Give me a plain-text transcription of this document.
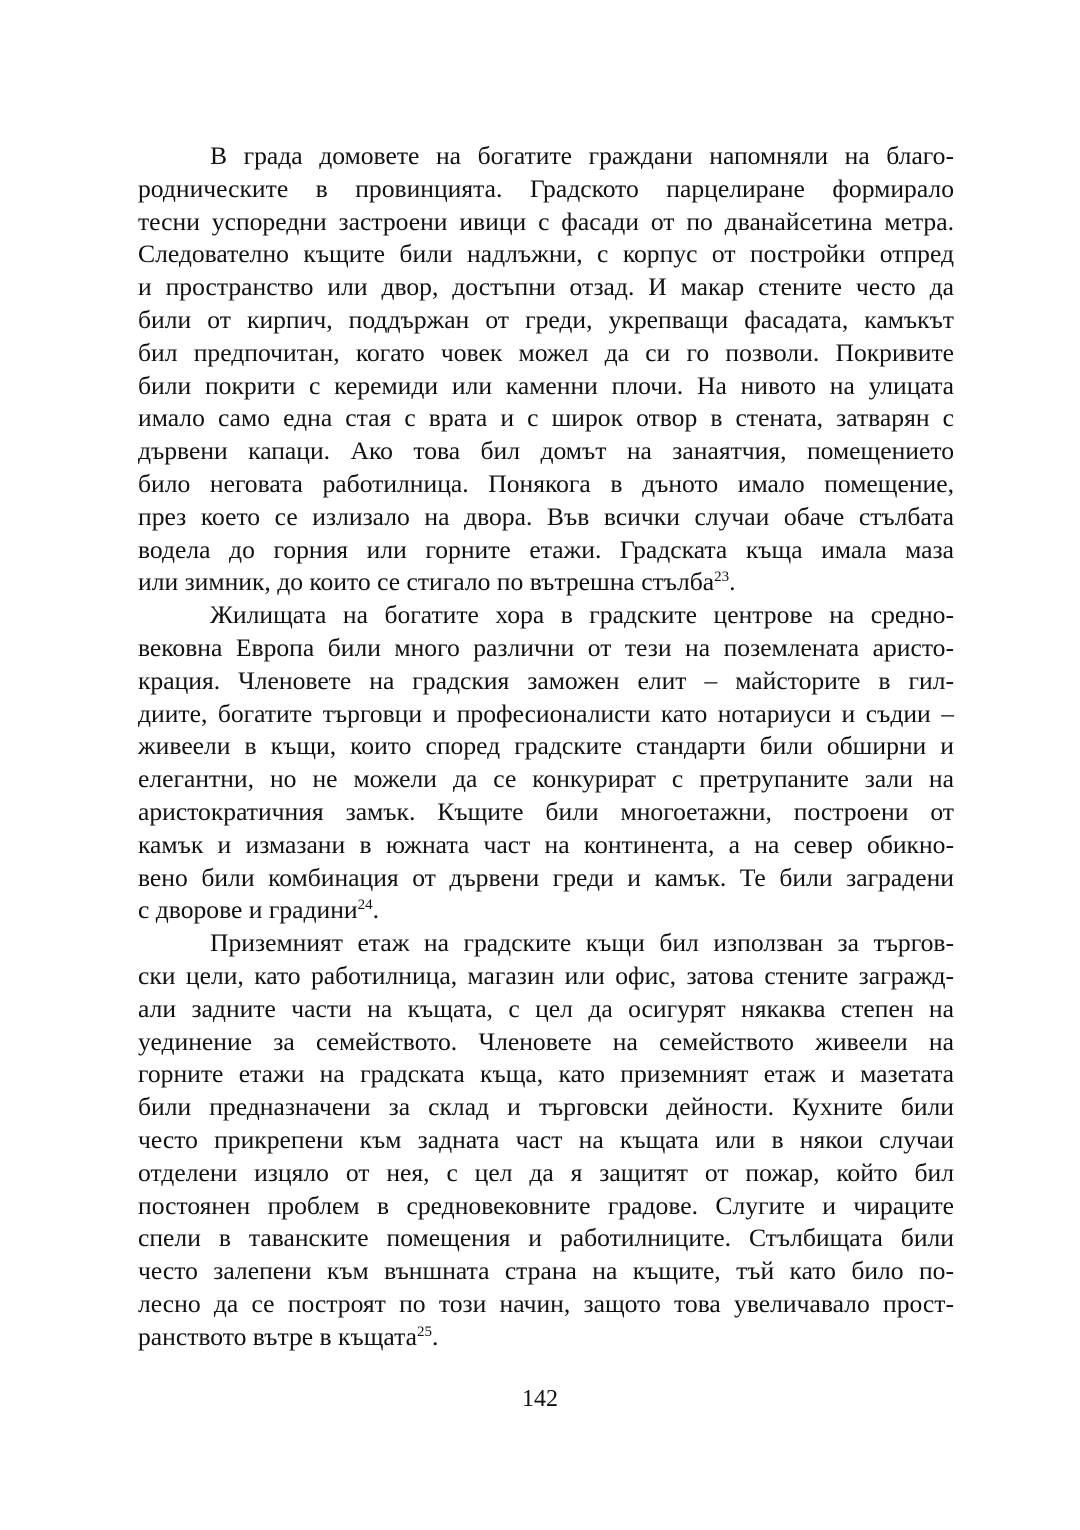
В града домовете на богатите граждани напомняли на благо-
родническите в провинцията. Градското парцелиране формирало
тесни успоредни застроени ивици с фасади от по дванайсетина метра.
Следователно къщите били надлъжни, с корпус от постройки отпред
и пространство или двор, достъпни отзад. И макар стените често да
били от кирпич, поддържан от греди, укрепващи фасадата, камъкът
бил предпочитан, когато човек можел да си го позволи. Покривите
били покрити с керемиди или каменни плочи. На нивото на улицата
имало само една стая с врата и с широк отвор в стената, затварян с
дървени капаци. Ако това бил домът на занаятчия, помещението
било неговата работилница. Понякога в дъното имало помещение,
през което се излизало на двора. Във всички случаи обаче стълбата
водела до горния или горните етажи. Градската къща имала маза
или зимник, до които се стигало по вътрешна стълба$^{23}$.
Жилищата на богатите хора в градските центрове на средно-
вековна Европа били много различни от тези на поземлената аристо-
крация. Членовете на градския заможен елит – майсторите в гил-
диите, богатите търговци и професионалисти като нотариуси и съдии –
живеели в къщи, които според градските стандарти били обширни и
елегантни, но не можели да се конкурират с претрупаните зали на
аристократичния замък. Къщите били многоетажни, построени от
камък и измазани в южната част на континента, а на север обикно-
вено били комбинация от дървени греди и камък. Те били заградени
с дворове и градини$^{24}$.
Приземният етаж на градските къщи бил използван за търгов-
ски цели, като работилница, магазин или офис, затова стените загражд-
али задните части на къщата, с цел да осигурят някаква степен на
уединение за семейството. Членовете на семейството живеели на
горните етажи на градската къща, като приземният етаж и мазетата
били предназначени за склад и търговски дейности. Кухните били
често прикрепени към задната част на къщата или в някои случаи
отделени изцяло от нея, с цел да я защитят от пожар, който бил
постоянен проблем в средновековните градове. Слугите и чираците
спели в таванските помещения и работилниците. Стълбищата били
често залепени към външната страна на къщите, тъй като било по-
лесно да се построят по този начин, защото това увеличавало прост-
ранството вътре в къщата$^{25}$.
142
